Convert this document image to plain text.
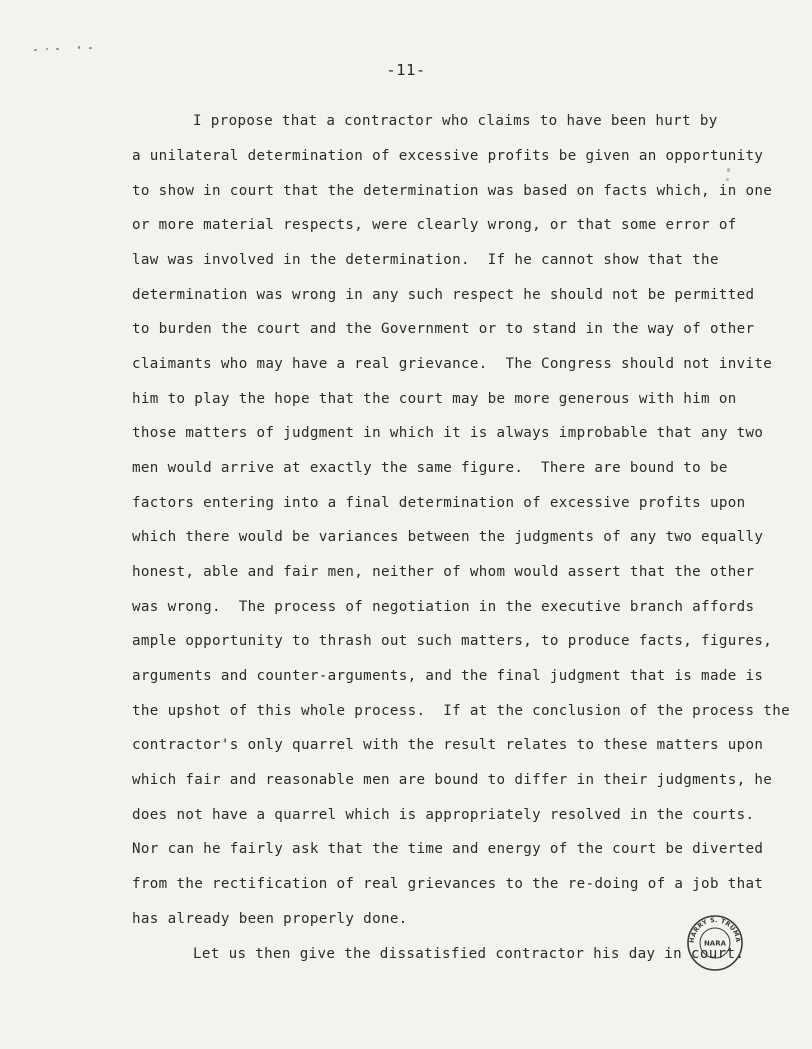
-11-
I propose that a contractor who claims to have been hurt by
a unilateral determination of excessive profits be given an opportunity
to show in court that the determination was based on facts which, in one
or more material respects, were clearly wrong, or that some error of
law was involved in the determination.  If he cannot show that the
determination was wrong in any such respect he should not be permitted
to burden the court and the Government or to stand in the way of other
claimants who may have a real grievance.  The Congress should not invite
him to play the hope that the court may be more generous with him on
those matters of judgment in which it is always improbable that any two
men would arrive at exactly the same figure.  There are bound to be
factors entering into a final determination of excessive profits upon
which there would be variances between the judgments of any two equally
honest, able and fair men, neither of whom would assert that the other
was wrong.  The process of negotiation in the executive branch affords
ample opportunity to thrash out such matters, to produce facts, figures,
arguments and counter-arguments, and the final judgment that is made is
the upshot of this whole process.  If at the conclusion of the process the
contractor's only quarrel with the result relates to these matters upon
which fair and reasonable men are bound to differ in their judgments, he
does not have a quarrel which is appropriately resolved in the courts.
Nor can he fairly ask that the time and energy of the court be diverted
from the rectification of real grievances to the re-doing of a job that
has already been properly done.
Let us then give the dissatisfied contractor his day in court.
HARRY S. TRUMA
NARA
